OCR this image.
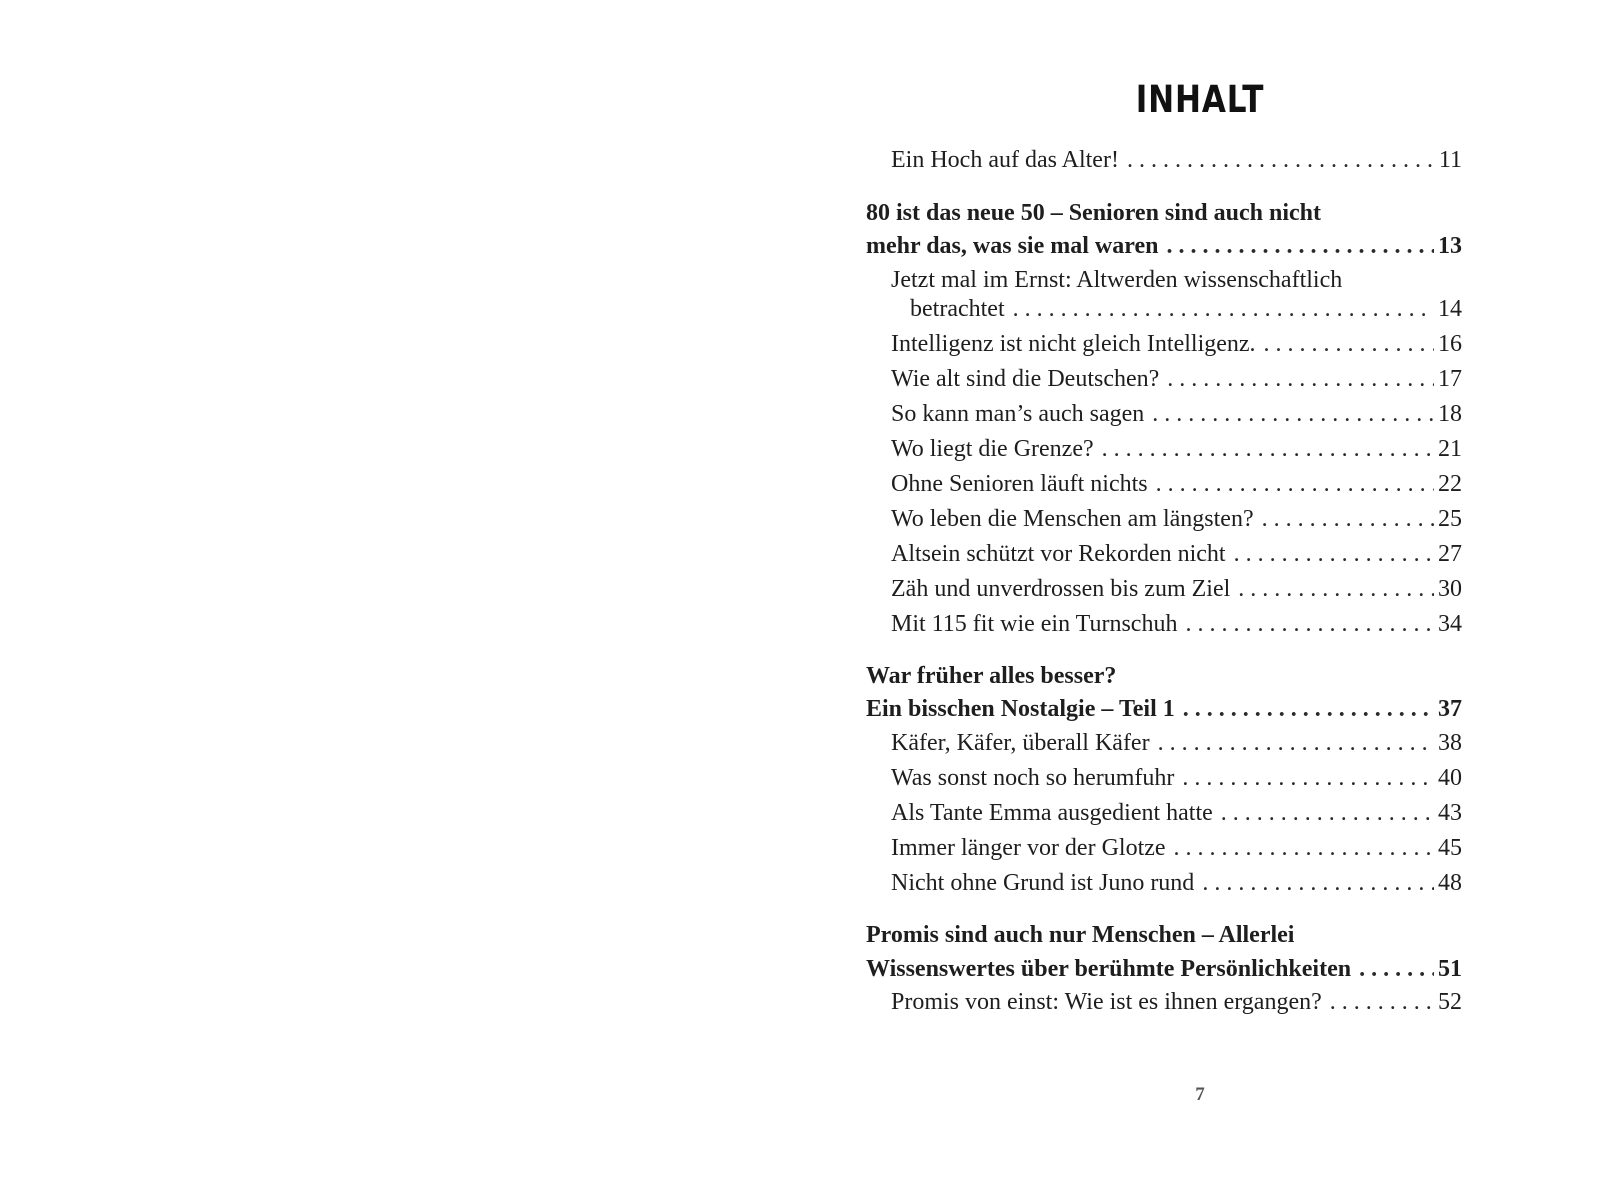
INHALT
Ein Hoch auf das Alter! . . .	11
80 ist das neue 50 – Senioren sind auch nicht
mehr das, was sie mal waren . . .	13
Jetzt mal im Ernst: Altwerden wissenschaftlich
betrachtet . . .	14
Intelligenz ist nicht gleich Intelligenz. . . .	16
Wie alt sind die Deutschen? . . .	17
So kann man’s auch sagen . . .	18
Wo liegt die Grenze? . . .	21
Ohne Senioren läuft nichts . . .	22
Wo leben die Menschen am längsten? . . .	25
Altsein schützt vor Rekorden nicht . . .	27
Zäh und unverdrossen bis zum Ziel . . .	30
Mit 115 fit wie ein Turnschuh . . .	34
War früher alles besser?
Ein bisschen Nostalgie – Teil 1 . . .	37
Käfer, Käfer, überall Käfer . . .	38
Was sonst noch so herumfuhr . . .	40
Als Tante Emma ausgedient hatte . . .	43
Immer länger vor der Glotze . . .	45
Nicht ohne Grund ist Juno rund . . .	48
Promis sind auch nur Menschen – Allerlei
Wissenswertes über berühmte Persönlichkeiten . . .	51
Promis von einst: Wie ist es ihnen ergangen? . . .	52
7
